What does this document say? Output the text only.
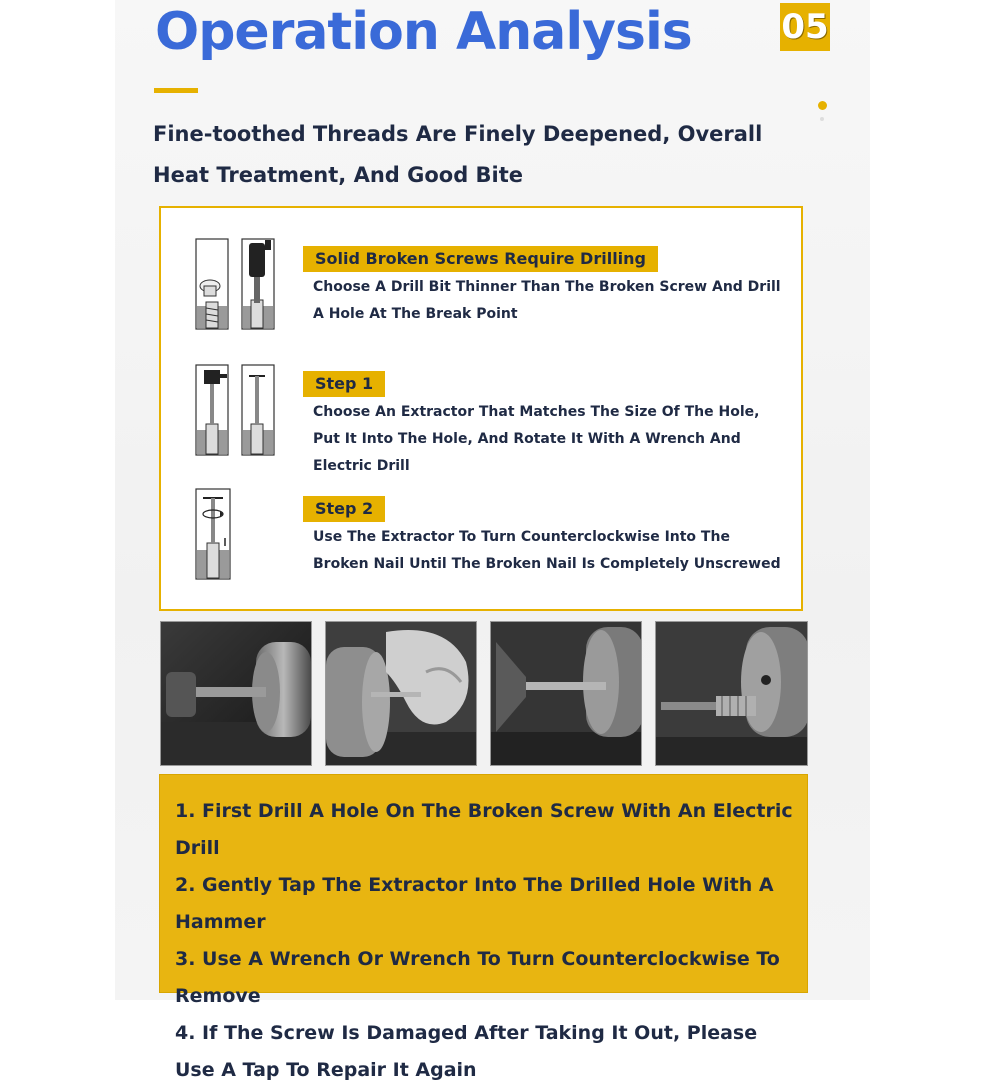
Operation Analysis	05

Fine-toothed Threads Are Finely Deepened, Overall Heat Treatment, And Good Bite

Solid Broken Screws Require Drilling

Choose A Drill Bit Thinner Than The Broken Screw And Drill A Hole At The Break Point

Step 1

Choose An Extractor That Matches The Size Of The Hole, Put It Into The Hole, And Rotate It With A Wrench And Electric Drill

Step 2

Use The Extractor To Turn Counterclockwise Into The Broken Nail Until The Broken Nail Is Completely Unscrewed

1. First Drill A Hole On The Broken Screw With An Electric Drill
2. Gently Tap The Extractor Into The Drilled Hole With A Hammer
3. Use A Wrench Or Wrench To Turn Counterclockwise To Remove
4. If The Screw Is Damaged After Taking It Out, Please Use A Tap To Repair It Again
